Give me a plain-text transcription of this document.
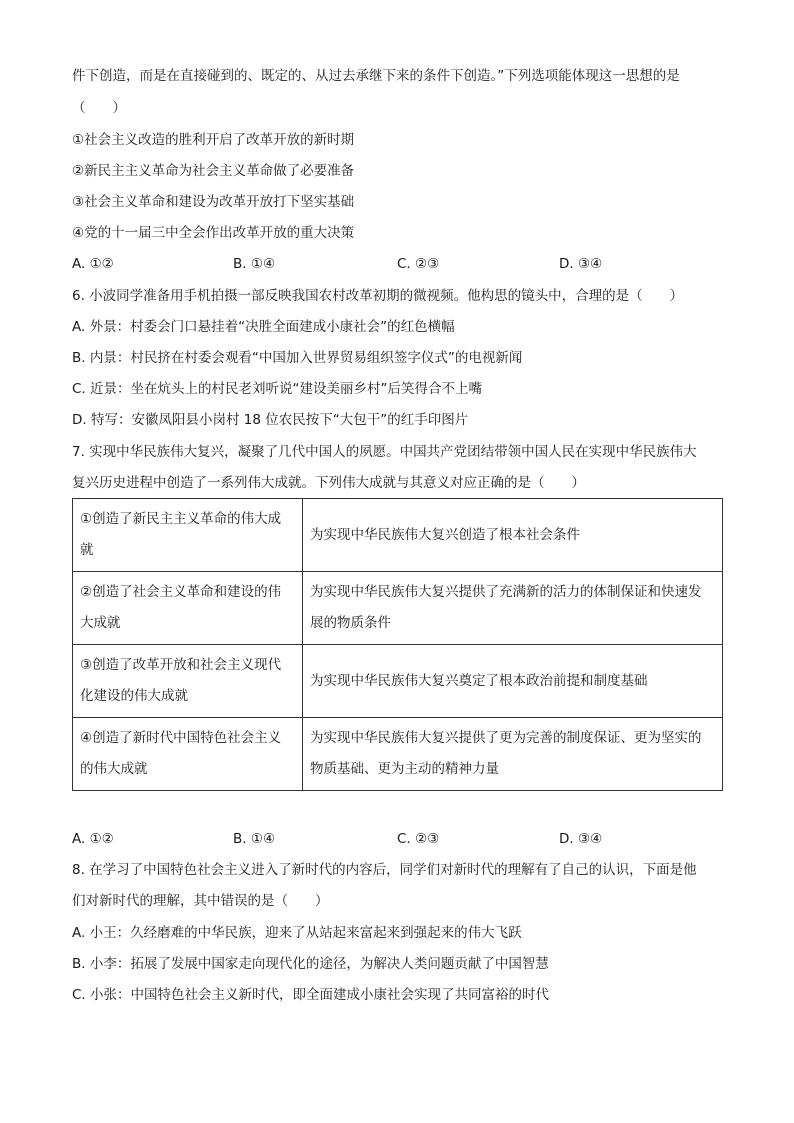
件下创造，而是在直接碰到的、既定的、从过去承继下来的条件下创造。”下列选项能体现这一思想的是
（　　）
①社会主义改造的胜利开启了改革开放的新时期
②新民主主义革命为社会主义革命做了必要准备
③社会主义革命和建设为改革开放打下坚实基础
④党的十一届三中全会作出改革开放的重大决策
A. ①②	B. ①④	C. ②③	D. ③④
6. 小波同学准备用手机拍摄一部反映我国农村改革初期的微视频。他构思的镜头中，合理的是（　　）
A. 外景：村委会门口悬挂着“决胜全面建成小康社会”的红色横幅
B. 内景：村民挤在村委会观看“中国加入世界贸易组织签字仪式”的电视新闻
C. 近景：坐在炕头上的村民老刘听说“建设美丽乡村”后笑得合不上嘴
D. 特写：安徽凤阳县小岗村 18 位农民按下“大包干”的红手印图片
7. 实现中华民族伟大复兴，凝聚了几代中国人的夙愿。中国共产党团结带领中国人民在实现中华民族伟大
复兴历史进程中创造了一系列伟大成就。下列伟大成就与其意义对应正确的是（　　）
①创造了新民主主义革命的伟大成就	为实现中华民族伟大复兴创造了根本社会条件
②创造了社会主义革命和建设的伟大成就	为实现中华民族伟大复兴提供了充满新的活力的体制保证和快速发展的物质条件
③创造了改革开放和社会主义现代化建设的伟大成就	为实现中华民族伟大复兴奠定了根本政治前提和制度基础
④创造了新时代中国特色社会主义的伟大成就	为实现中华民族伟大复兴提供了更为完善的制度保证、更为坚实的物质基础、更为主动的精神力量
A. ①②	B. ①④	C. ②③	D. ③④
8. 在学习了中国特色社会主义进入了新时代的内容后，同学们对新时代的理解有了自己的认识，下面是他
们对新时代的理解，其中错误的是（　　）
A. 小王：久经磨难的中华民族，迎来了从站起来富起来到强起来的伟大飞跃
B. 小李：拓展了发展中国家走向现代化的途径，为解决人类问题贡献了中国智慧
C. 小张：中国特色社会主义新时代，即全面建成小康社会实现了共同富裕的时代
